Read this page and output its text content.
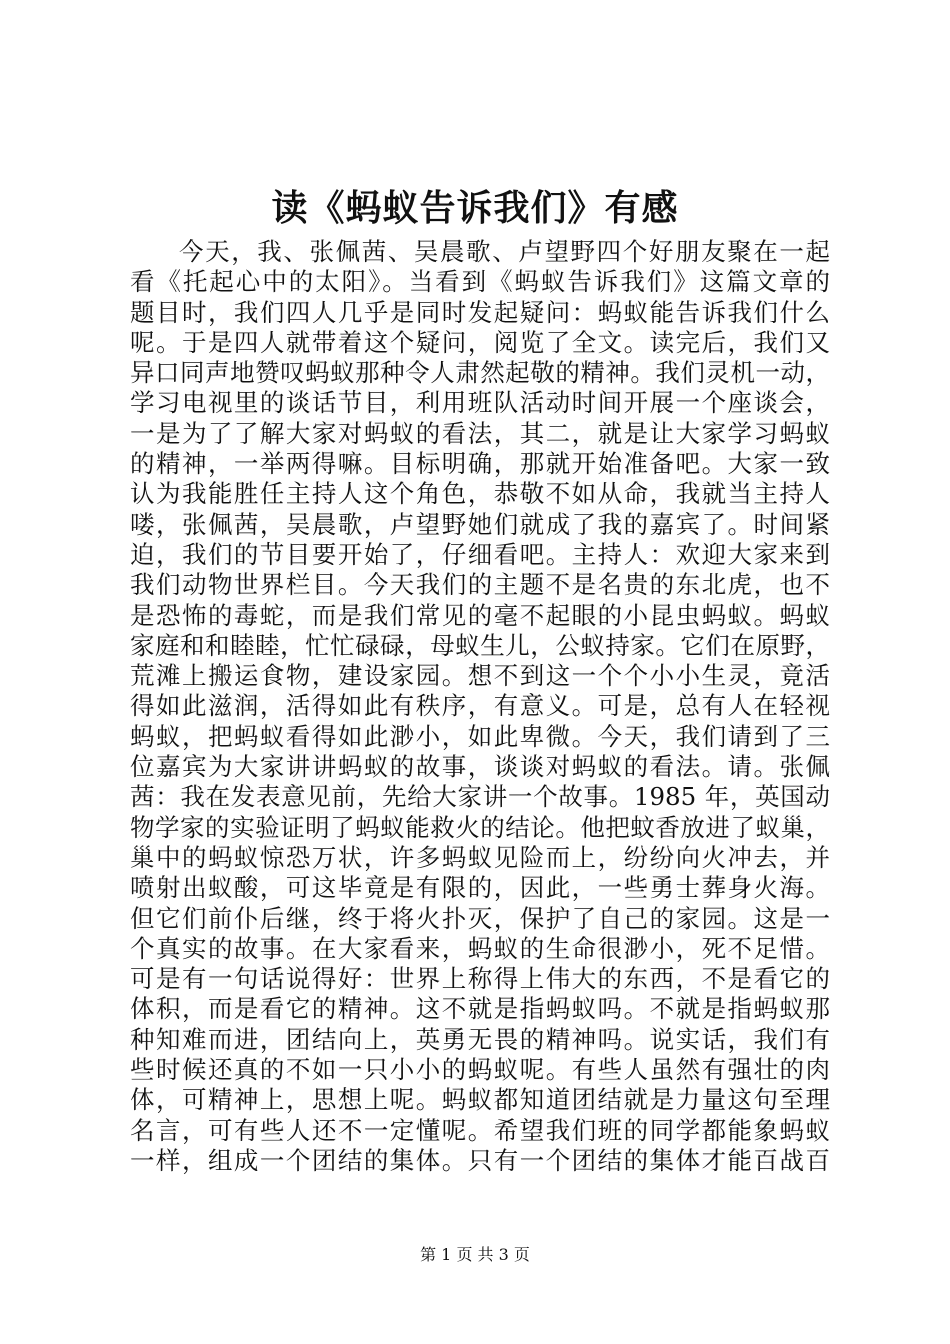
读《蚂蚁告诉我们》有感
今天，我、张佩茜、吴晨歌、卢望野四个好朋友聚在一起
看《托起心中的太阳》。当看到《蚂蚁告诉我们》这篇文章的
题目时，我们四人几乎是同时发起疑问：蚂蚁能告诉我们什么
呢。于是四人就带着这个疑问，阅览了全文。读完后，我们又
异口同声地赞叹蚂蚁那种令人肃然起敬的精神。我们灵机一动，
学习电视里的谈话节目，利用班队活动时间开展一个座谈会，
一是为了了解大家对蚂蚁的看法，其二，就是让大家学习蚂蚁
的精神，一举两得嘛。目标明确，那就开始准备吧。大家一致
认为我能胜任主持人这个角色，恭敬不如从命，我就当主持人
喽，张佩茜，吴晨歌，卢望野她们就成了我的嘉宾了。时间紧
迫，我们的节目要开始了，仔细看吧。主持人：欢迎大家来到
我们动物世界栏目。今天我们的主题不是名贵的东北虎，也不
是恐怖的毒蛇，而是我们常见的毫不起眼的小昆虫蚂蚁。蚂蚁
家庭和和睦睦，忙忙碌碌，母蚁生儿，公蚁持家。它们在原野，
荒滩上搬运食物，建设家园。想不到这一个个小小生灵，竟活
得如此滋润，活得如此有秩序，有意义。可是，总有人在轻视
蚂蚁，把蚂蚁看得如此渺小，如此卑微。今天，我们请到了三
位嘉宾为大家讲讲蚂蚁的故事，谈谈对蚂蚁的看法。请。张佩
茜：我在发表意见前，先给大家讲一个故事。1985 年，英国动
物学家的实验证明了蚂蚁能救火的结论。他把蚊香放进了蚁巢，
巢中的蚂蚁惊恐万状，许多蚂蚁见险而上，纷纷向火冲去，并
喷射出蚁酸，可这毕竟是有限的，因此，一些勇士葬身火海。
但它们前仆后继，终于将火扑灭，保护了自己的家园。这是一
个真实的故事。在大家看来，蚂蚁的生命很渺小，死不足惜。
可是有一句话说得好：世界上称得上伟大的东西，不是看它的
体积，而是看它的精神。这不就是指蚂蚁吗。不就是指蚂蚁那
种知难而进，团结向上，英勇无畏的精神吗。说实话，我们有
些时候还真的不如一只小小的蚂蚁呢。有些人虽然有强壮的肉
体，可精神上，思想上呢。蚂蚁都知道团结就是力量这句至理
名言，可有些人还不一定懂呢。希望我们班的同学都能象蚂蚁
一样，组成一个团结的集体。只有一个团结的集体才能百战百
第 1 页 共 3 页
